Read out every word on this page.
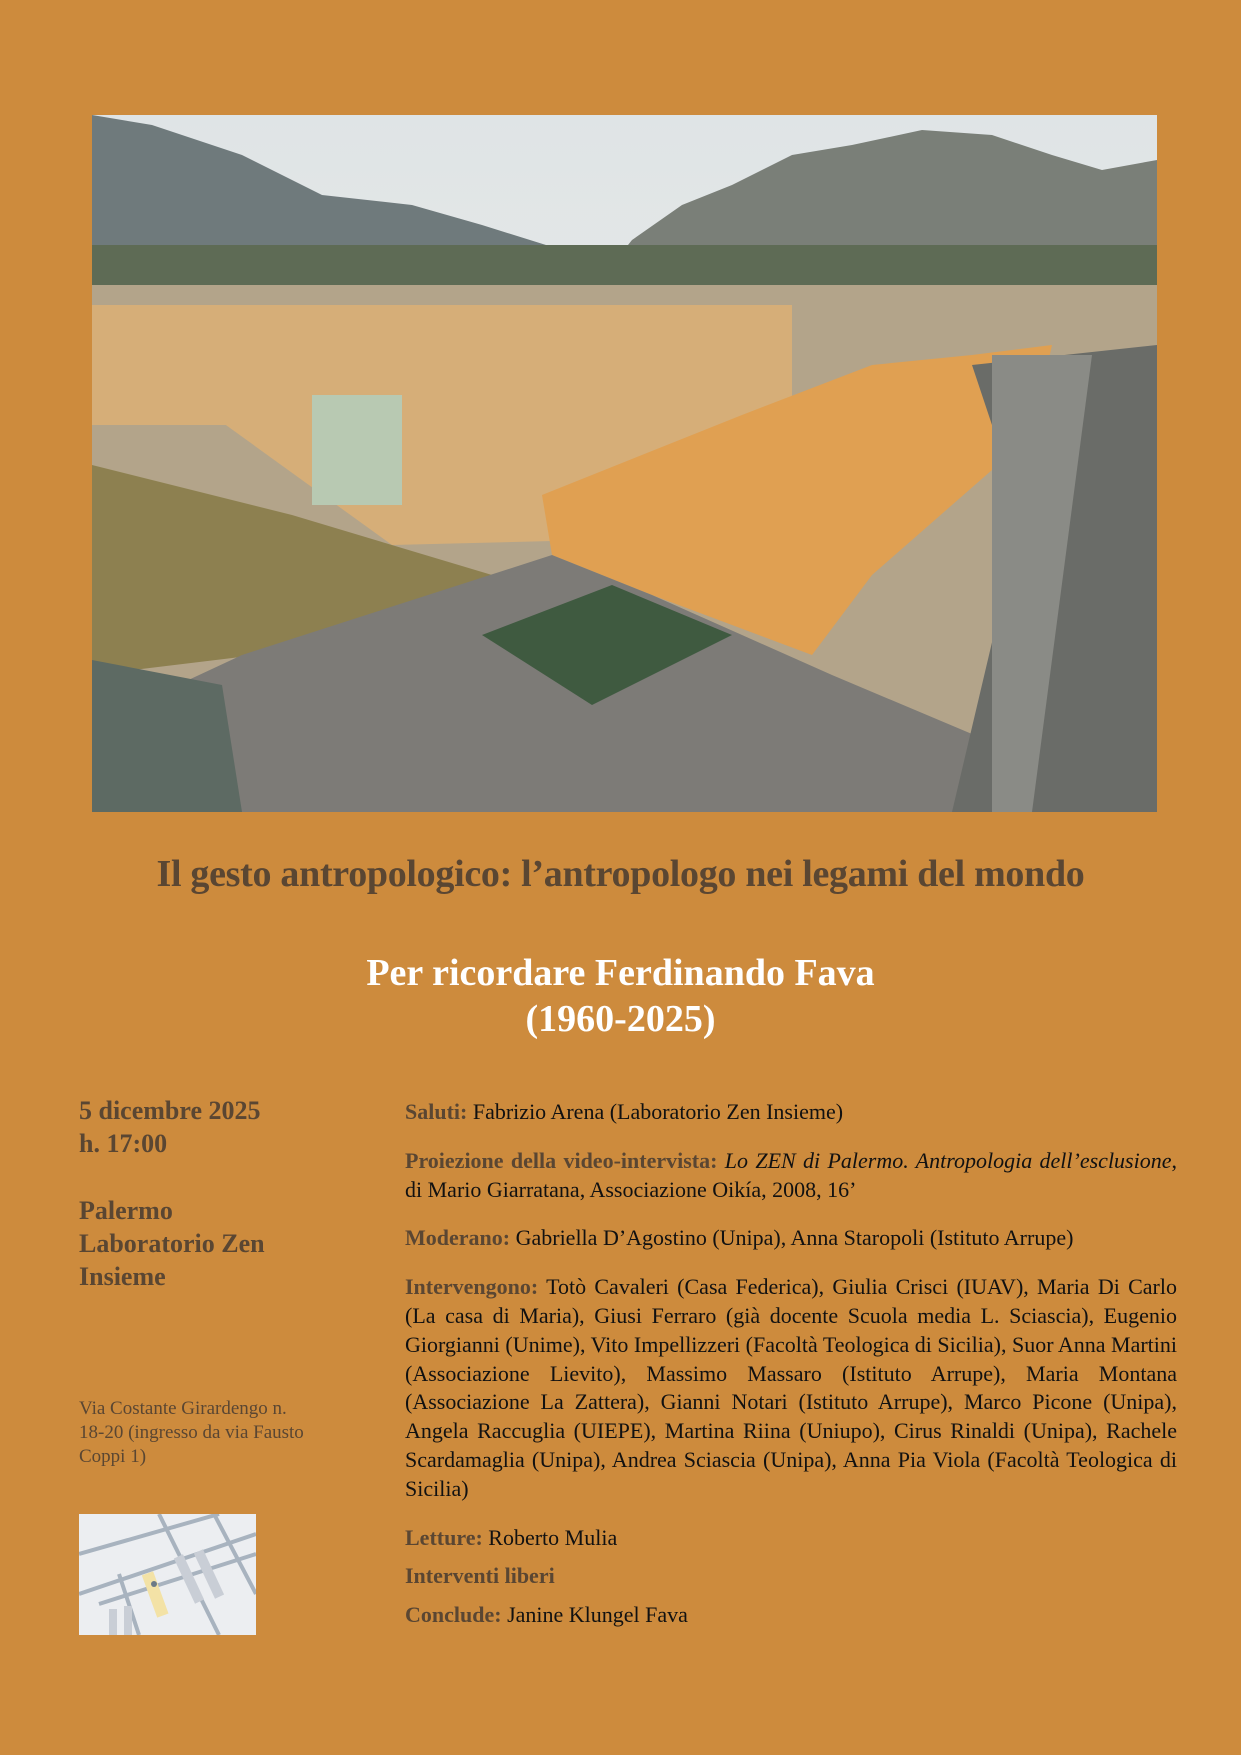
Il gesto antropologico: l’antropologo nei legami del mondo
Per ricordare Ferdinando Fava
(1960-2025)
5 dicembre 2025
h. 17:00
Palermo
Laboratorio Zen
Insieme
Via Costante Girardengo n. 18-20 (ingresso da via Fausto Coppi 1)

Saluti: Fabrizio Arena (Laboratorio Zen Insieme)

Proiezione della video-intervista: Lo ZEN di Palermo. Antropologia dell’esclusione, di Mario Giarratana, Associazione Oikía, 2008, 16’

Moderano: Gabriella D’Agostino (Unipa), Anna Staropoli (Istituto Arrupe)

Intervengono: Totò Cavaleri (Casa Federica), Giulia Crisci (IUAV), Maria Di Carlo (La casa di Maria), Giusi Ferraro (già docente Scuola media L. Sciascia), Eugenio Giorgianni (Unime), Vito Impellizzeri (Facoltà Teologica di Sicilia), Suor Anna Martini (Associazione Lievito), Massimo Massaro (Istituto Arrupe), Maria Montana (Associazione La Zattera), Gianni Notari (Istituto Arrupe), Marco Picone (Unipa), Angela Raccuglia (UIEPE), Martina Riina (Uniupo), Cirus Rinaldi (Unipa), Rachele Scardamaglia (Unipa), Andrea Sciascia (Unipa), Anna Pia Viola (Facoltà Teologica di Sicilia)

Letture: Roberto Mulia

Interventi liberi

Conclude: Janine Klungel Fava
